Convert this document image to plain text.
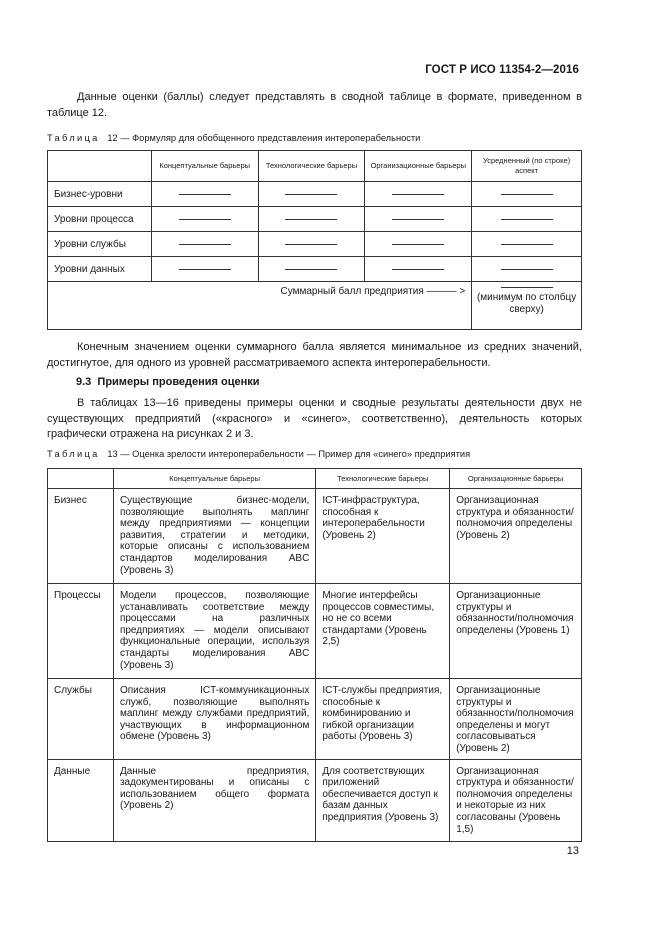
ГОСТ Р ИСО 11354-2—2016
Данные оценки (баллы) следует представлять в сводной таблице в формате, приведенном в таблице 12.
Таблица 12 — Формуляр для обобщенного представления интероперабельности
	Концептуальные барьеры	Технологические барьеры	Организационные барьеры	Усредненный (по строке) аспект
Бизнес-уровни	

Уровни процесса	

Уровни службы	

Уровни данных	

Суммарный балл предприятия ——— >				(минимум по столбцу сверху)
Конечным значением оценки суммарного балла является минимальное из средних значений, достигнутое, для одного из уровней рассматриваемого аспекта интероперабельности.
9.3 Примеры проведения оценки
В таблицах 13—16 приведены примеры оценки и сводные результаты деятельности двух не существующих предприятий («красного» и «синего», соответственно), деятельность которых графически отражена на рисунках 2 и 3.
Таблица 13 — Оценка зрелости интероперабельности — Пример для «синего» предприятия
	Концептуальные барьеры	Технологические барьеры	Организационные барьеры
Бизнес	Существующие бизнес-модели, позволяющие выполнять маплинг между предприятиями — концепции развития, стратегии и методики, которые описаны с использованием стандартов моделирования ABC (Уровень 3)	ICT-инфраструктура, способная к интероперабельности (Уровень 2)	Организационная структура и обязанности/полномочия определены (Уровень 2)
Процессы	Модели процессов, позволяющие устанавливать соответствие между процессами на различных предприятиях — модели описывают функциональные операции, используя стандарты моделирования ABC (Уровень 3)	Многие интерфейсы процессов совместимы, но не со всеми стандартами (Уровень 2,5)	Организационные структуры и обязанности/полномочия определены (Уровень 1)
Службы	Описания ICT-коммуникационных служб, позволяющие выполнять маплинг между службами предприятий, участвующих в информационном обмене (Уровень 3)	ICT-службы предприятия, способные к комбинированию и гибкой организации работы (Уровень 3)	Организационные структуры и обязанности/полномочия определены и могут согласовываться (Уровень 2)
Данные	Данные предприятия, задокументированы и описаны с использованием общего формата (Уровень 2)	Для соответствующих приложений обеспечивается доступ к базам данных предприятия (Уровень 3)	Организационная структура и обязанности/полномочия определены и некоторые из них согласованы (Уровень 1,5)
13
